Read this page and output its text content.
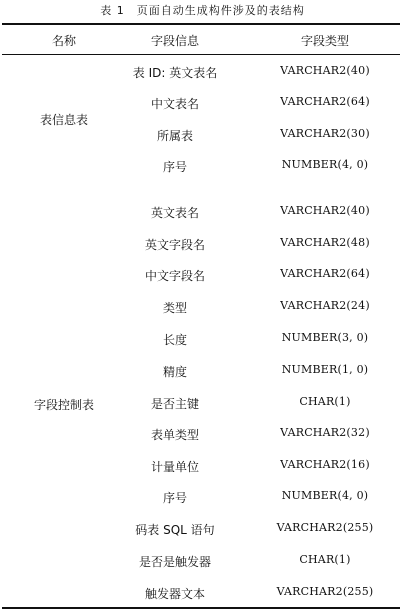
表 1　页面自动生成构件涉及的表结构
名称	字段信息	字段类型
表信息表
表 ID: 英文表名	VARCHAR2(40)
中文表名	VARCHAR2(64)
所属表	VARCHAR2(30)
序号	NUMBER(4, 0)
字段控制表
英文表名	VARCHAR2(40)
英文字段名	VARCHAR2(48)
中文字段名	VARCHAR2(64)
类型	VARCHAR2(24)
长度	NUMBER(3, 0)
精度	NUMBER(1, 0)
是否主键	CHAR(1)
表单类型	VARCHAR2(32)
计量单位	VARCHAR2(16)
序号	NUMBER(4, 0)
码表 SQL 语句	VARCHAR2(255)
是否是触发器	CHAR(1)
触发器文本	VARCHAR2(255)
